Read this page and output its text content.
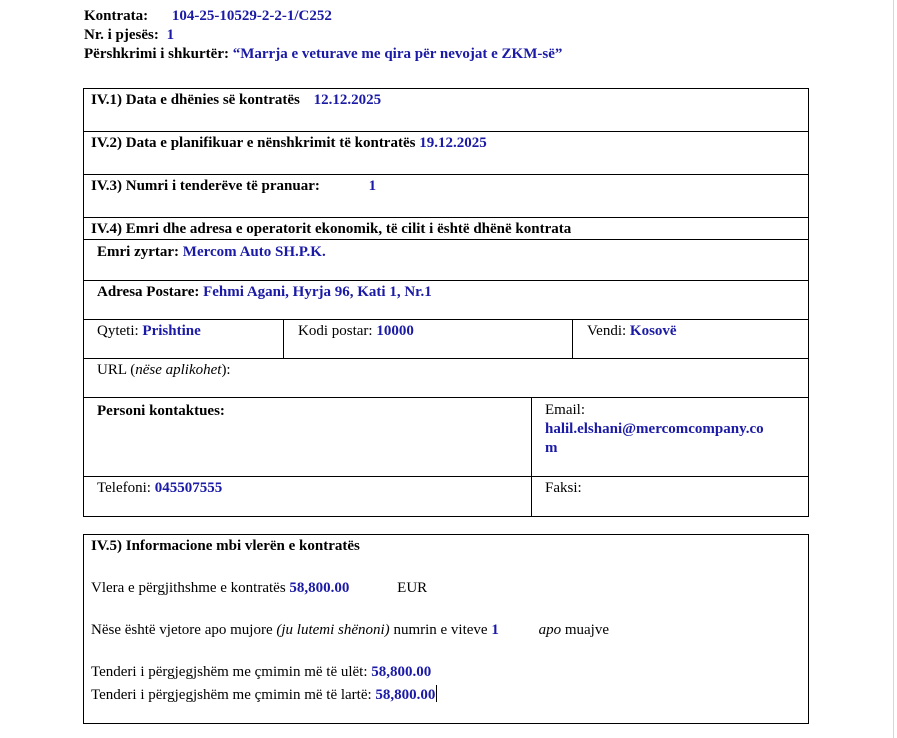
Kontrata: 104-25-10529-2-2-1/C252
Nr. i pjesës: 1
Përshkrimi i shkurtër: “Marrja e veturave me qira për nevojat e ZKM-së”
IV.1) Data e dhënies së kontratës 12.12.2025
IV.2) Data e planifikuar e nënshkrimit të kontratës 19.12.2025
IV.3) Numri i tenderëve të pranuar:	1
IV.4) Emri dhe adresa e operatorit ekonomik, të cilit i është dhënë kontrata
Emri zyrtar: Mercom Auto SH.P.K.
Adresa Postare: Fehmi Agani, Hyrja 96, Kati 1, Nr.1
Qyteti: Prishtine	Kodi postar: 10000	Vendi: Kosovë
URL (nëse aplikohet):
Personi kontaktues:	Email:
halil.elshani@mercomcompany.co
m
Telefoni: 045507555	Faksi:
IV.5) Informacione mbi vlerën e kontratës
Vlera e përgjithshme e kontratës 58,800.00	EUR
Nëse është vjetore apo mujore (ju lutemi shënoni) numrin e viteve 1	apo muajve
Tenderi i përgjegjshëm me çmimin më të ulët: 58,800.00
Tenderi i përgjegjshëm me çmimin më të lartë: 58,800.00
